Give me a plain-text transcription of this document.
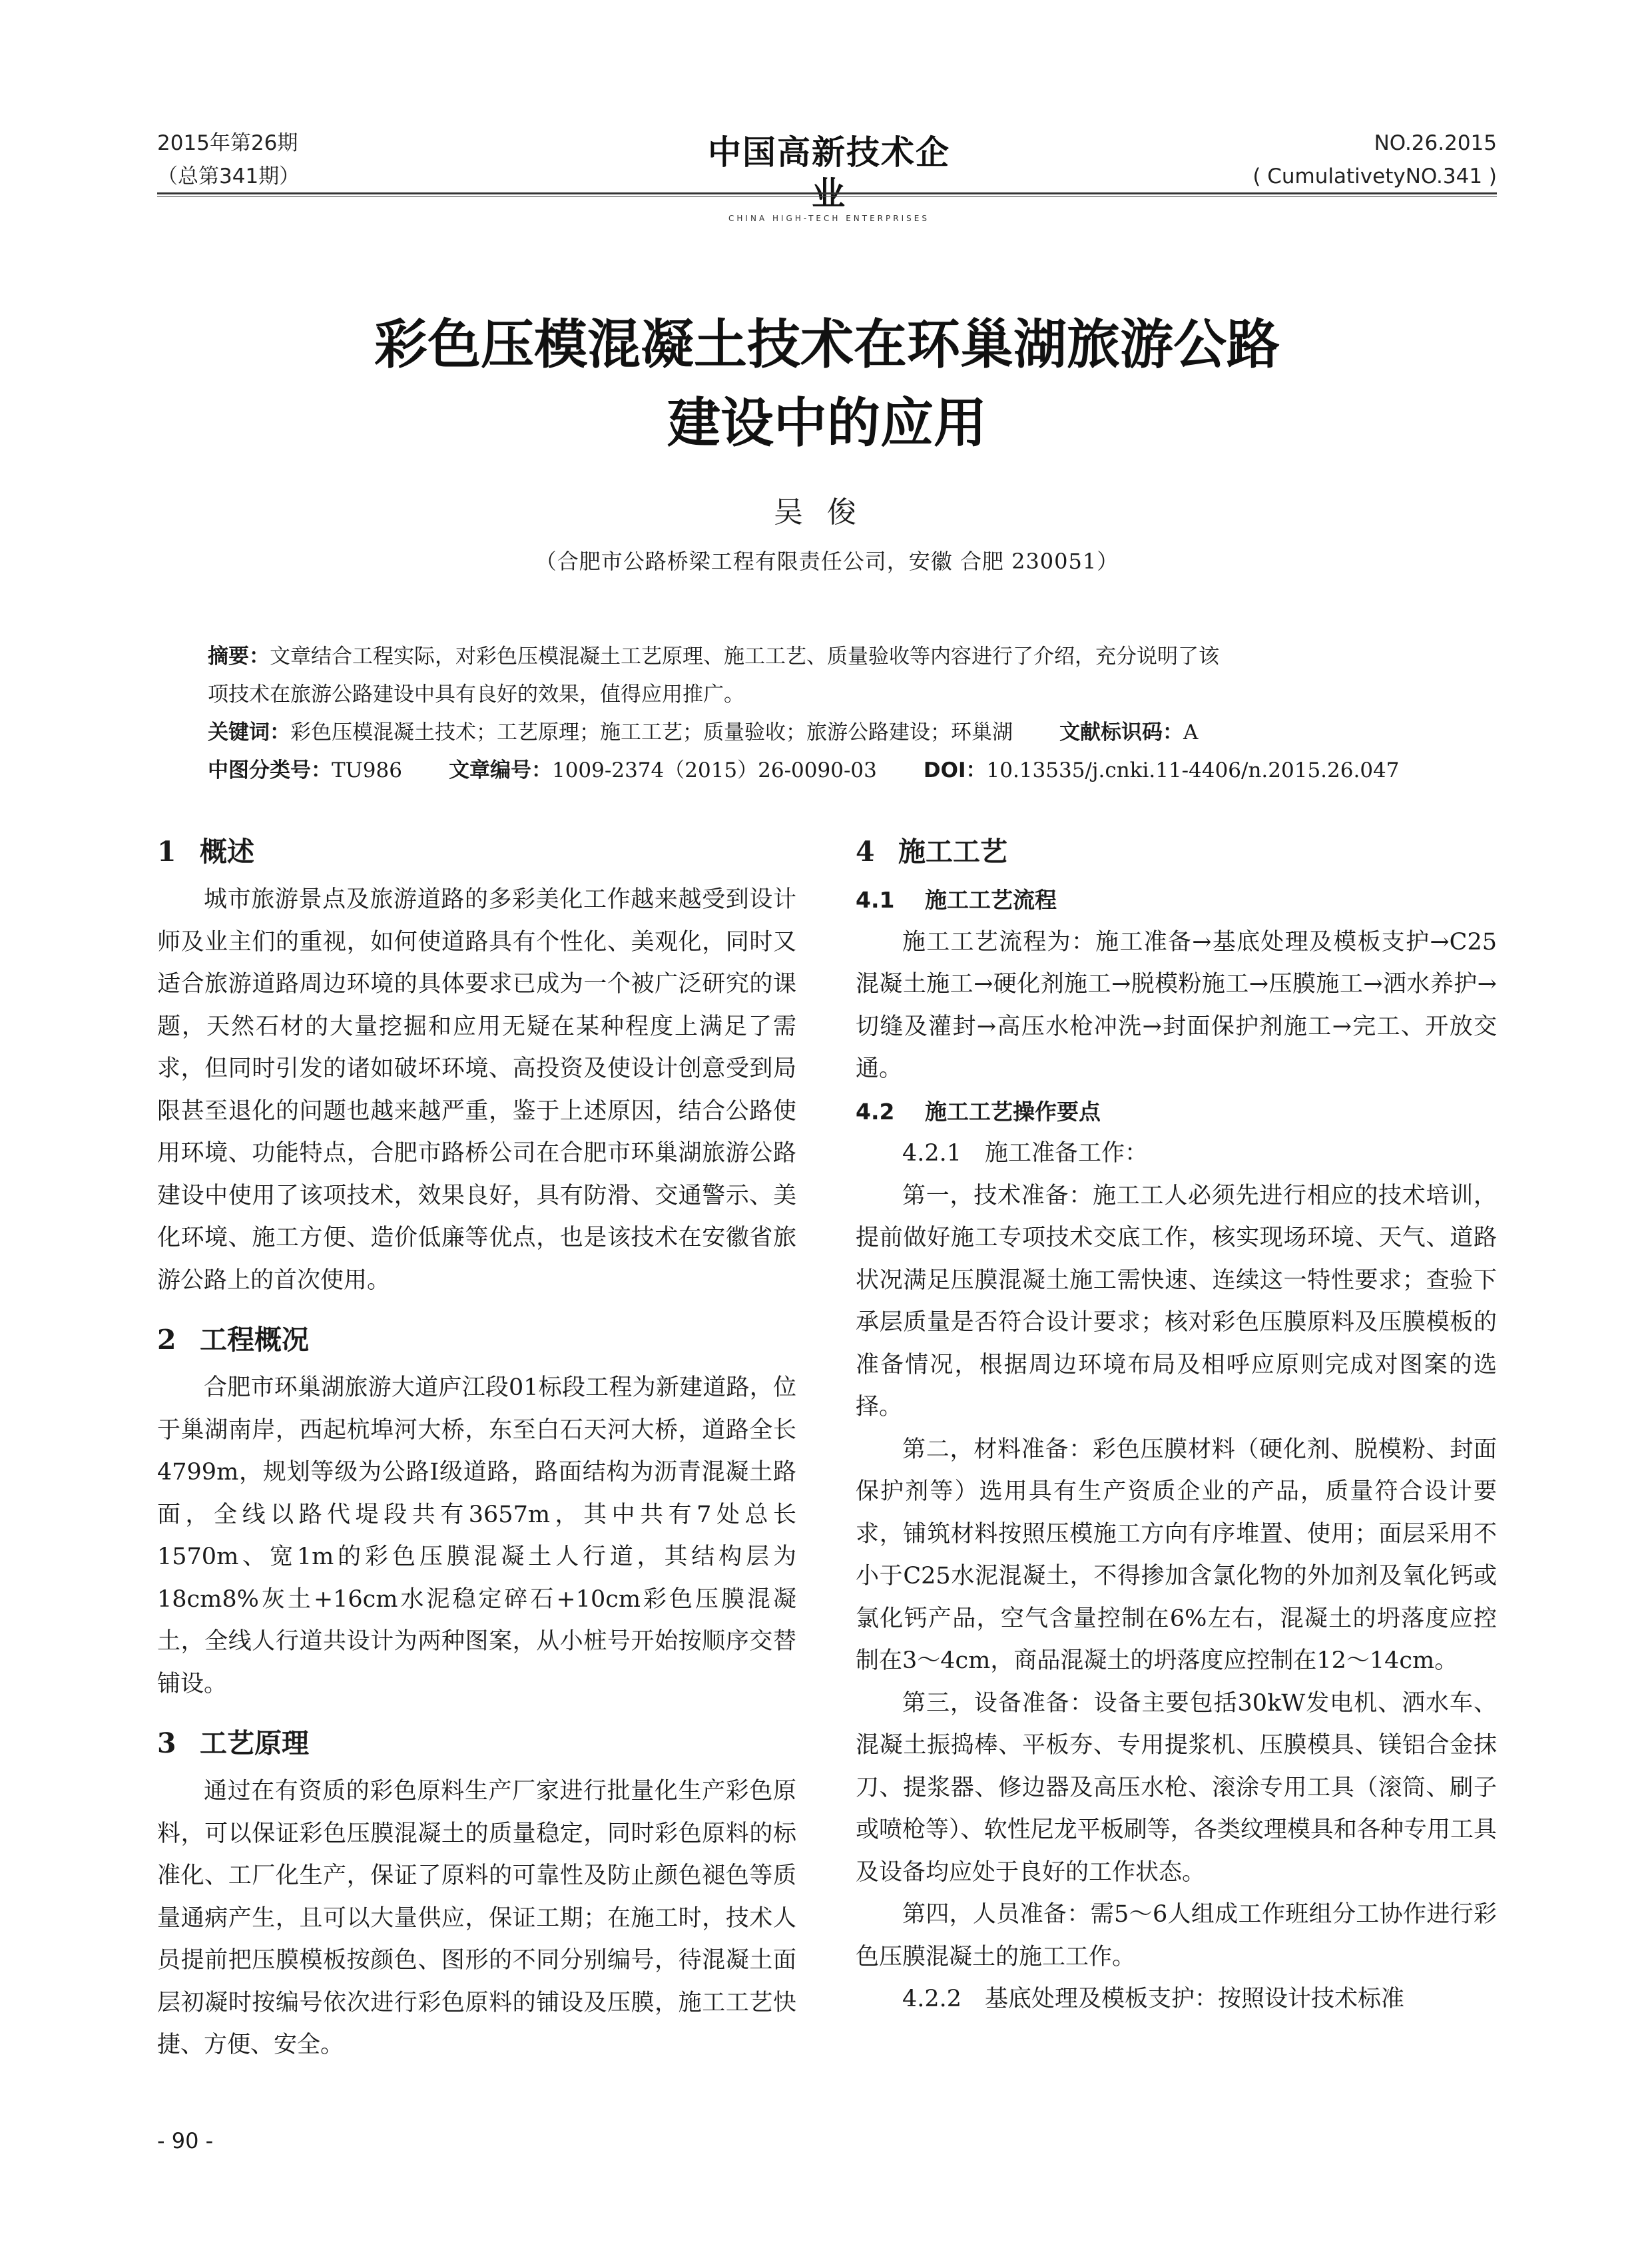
2015年第26期
（总第341期）
中国高新技术企业
CHINA HIGH-TECH ENTERPRISES
NO.26.2015
( CumulativetyNO.341 )
彩色压模混凝土技术在环巢湖旅游公路
建设中的应用
吴俊
（合肥市公路桥梁工程有限责任公司，安徽 合肥 230051）
摘要：文章结合工程实际，对彩色压模混凝土工艺原理、施工工艺、质量验收等内容进行了介绍，充分说明了该
项技术在旅游公路建设中具有良好的效果，值得应用推广。
关键词：彩色压模混凝土技术；工艺原理；施工工艺；质量验收；旅游公路建设；环巢湖 文献标识码：A
中图分类号：TU986 文章编号：1009-2374（2015）26-0090-03 DOI：10.13535/j.cnki.11-4406/n.2015.26.047
1 概述

城市旅游景点及旅游道路的多彩美化工作越来越受到设计师及业主们的重视，如何使道路具有个性化、美观化，同时又适合旅游道路周边环境的具体要求已成为一个被广泛研究的课题，天然石材的大量挖掘和应用无疑在某种程度上满足了需求，但同时引发的诸如破坏环境、高投资及使设计创意受到局限甚至退化的问题也越来越严重，鉴于上述原因，结合公路使用环境、功能特点，合肥市路桥公司在合肥市环巢湖旅游公路建设中使用了该项技术，效果良好，具有防滑、交通警示、美化环境、施工方便、造价低廉等优点，也是该技术在安徽省旅游公路上的首次使用。

2 工程概况

合肥市环巢湖旅游大道庐江段01标段工程为新建道路，位于巢湖南岸，西起杭埠河大桥，东至白石天河大桥，道路全长4799m，规划等级为公路Ⅰ级道路，路面结构为沥青混凝土路面，全线以路代堤段共有3657m，其中共有7处总长1570m、宽1m的彩色压膜混凝土人行道，其结构层为18cm8%灰土+16cm水泥稳定碎石+10cm彩色压膜混凝土，全线人行道共设计为两种图案，从小桩号开始按顺序交替铺设。

3 工艺原理

通过在有资质的彩色原料生产厂家进行批量化生产彩色原料，可以保证彩色压膜混凝土的质量稳定，同时彩色原料的标准化、工厂化生产，保证了原料的可靠性及防止颜色褪色等质量通病产生，且可以大量供应，保证工期；在施工时，技术人员提前把压膜模板按颜色、图形的不同分别编号，待混凝土面层初凝时按编号依次进行彩色原料的铺设及压膜，施工工艺快捷、方便、安全。

4 施工工艺
4.1 施工工艺流程

施工工艺流程为：施工准备→基底处理及模板支护→C25混凝土施工→硬化剂施工→脱模粉施工→压膜施工→洒水养护→切缝及灌封→高压水枪冲洗→封面保护剂施工→完工、开放交通。

4.2 施工工艺操作要点

4.2.1　施工准备工作：

第一，技术准备：施工工人必须先进行相应的技术培训，提前做好施工专项技术交底工作，核实现场环境、天气、道路状况满足压膜混凝土施工需快速、连续这一特性要求；查验下承层质量是否符合设计要求；核对彩色压膜原料及压膜模板的准备情况，根据周边环境布局及相呼应原则完成对图案的选择。

第二，材料准备：彩色压膜材料（硬化剂、脱模粉、封面保护剂等）选用具有生产资质企业的产品，质量符合设计要求，铺筑材料按照压模施工方向有序堆置、使用；面层采用不小于C25水泥混凝土，不得掺加含氯化物的外加剂及氧化钙或氯化钙产品，空气含量控制在6%左右，混凝土的坍落度应控制在3～4cm，商品混凝土的坍落度应控制在12～14cm。

第三，设备准备：设备主要包括30kW发电机、洒水车、混凝土振捣棒、平板夯、专用提浆机、压膜模具、镁铝合金抹刀、提浆器、修边器及高压水枪、滚涂专用工具（滚筒、刷子或喷枪等）、软性尼龙平板刷等，各类纹理模具和各种专用工具及设备均应处于良好的工作状态。

第四，人员准备：需5～6人组成工作班组分工协作进行彩色压膜混凝土的施工工作。

4.2.2　基底处理及模板支护：按照设计技术标准

- 90 -
